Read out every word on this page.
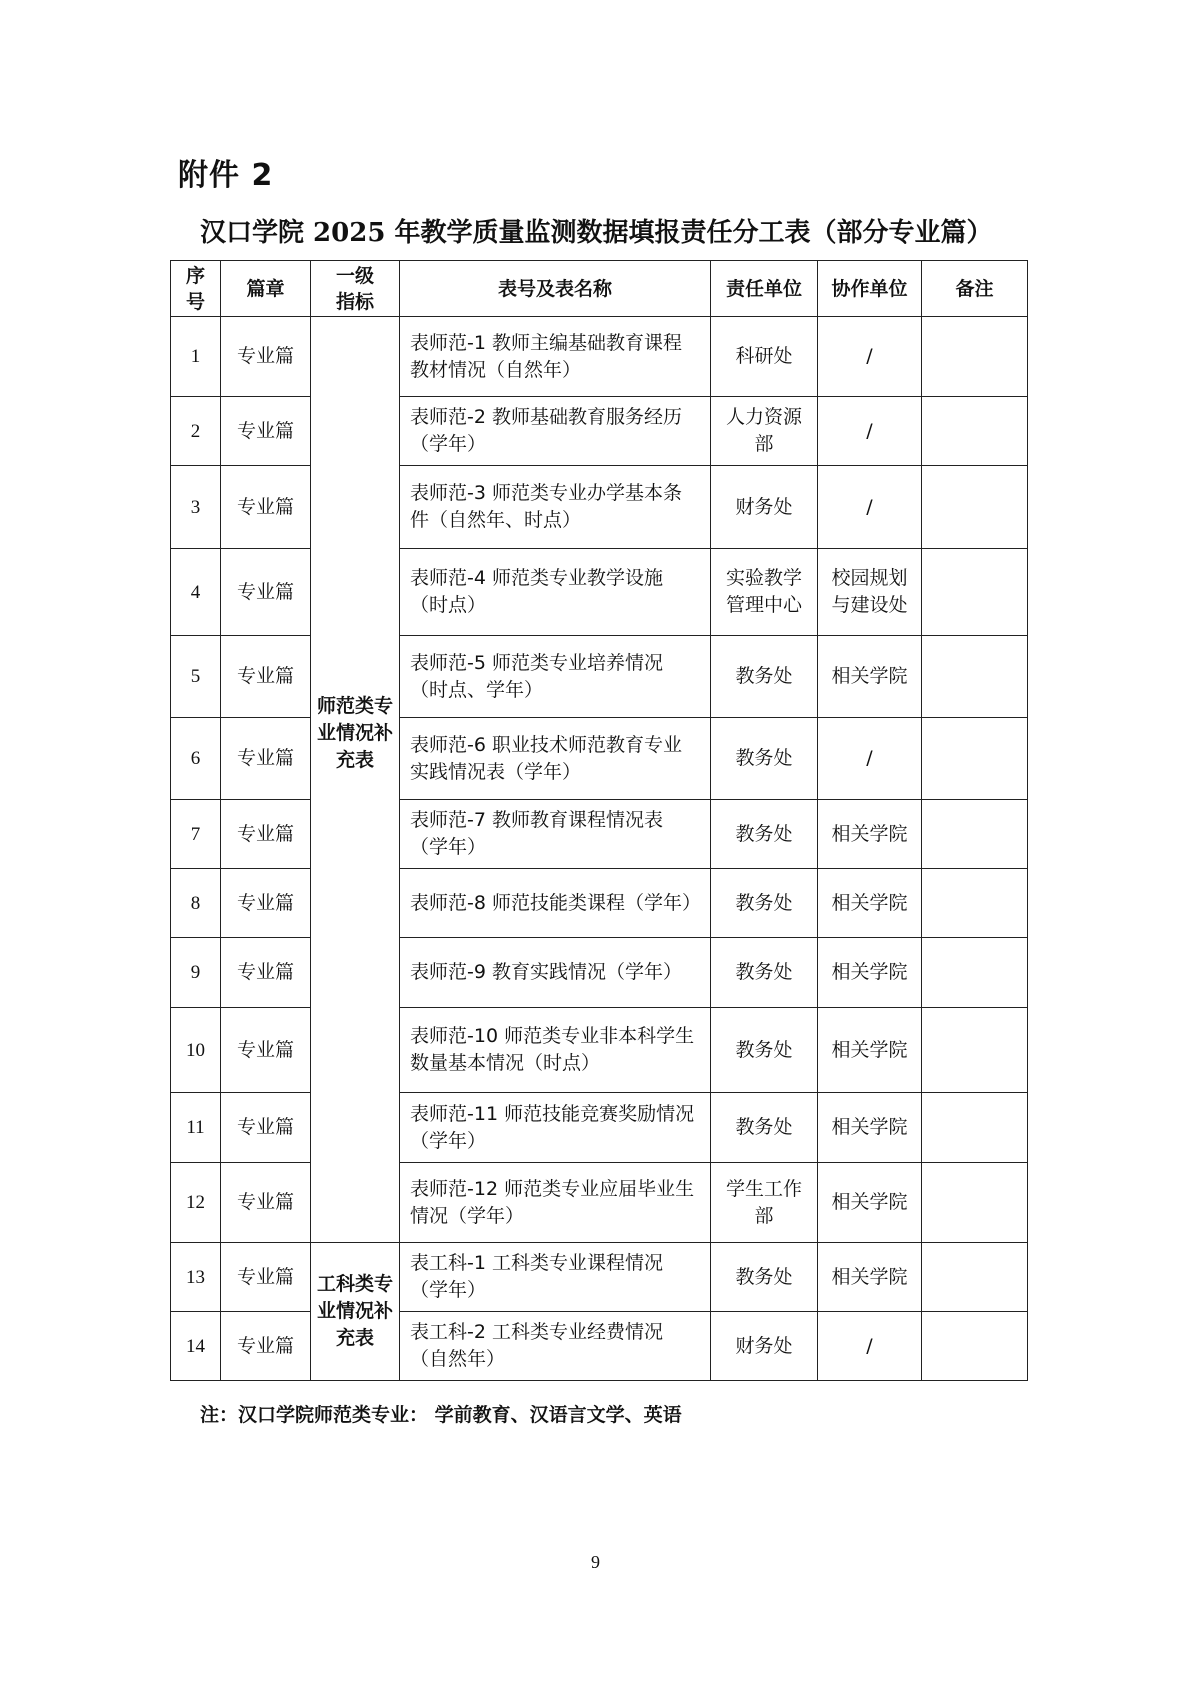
附件 2
汉口学院 2025 年教学质量监测数据填报责任分工表（部分专业篇）
序号	篇章	一级指标	表号及表名称	责任单位	协作单位	备注
1	专业篇	师范类专业情况补充表	表师范-1 教师主编基础教育课程教材情况（自然年）	科研处	/	
2	专业篇		表师范-2 教师基础教育服务经历（学年）	人力资源部	/	
3	专业篇		表师范-3 师范类专业办学基本条件（自然年、时点）	财务处	/	
4	专业篇		表师范-4 师范类专业教学设施（时点）	实验教学管理中心	校园规划与建设处	
5	专业篇		表师范-5 师范类专业培养情况（时点、学年）	教务处	相关学院	
6	专业篇		表师范-6 职业技术师范教育专业实践情况表（学年）	教务处	/	
7	专业篇		表师范-7 教师教育课程情况表（学年）	教务处	相关学院	
8	专业篇		表师范-8 师范技能类课程（学年）	教务处	相关学院	
9	专业篇		表师范-9 教育实践情况（学年）	教务处	相关学院	
10	专业篇		表师范-10 师范类专业非本科学生数量基本情况（时点）	教务处	相关学院	
11	专业篇		表师范-11 师范技能竞赛奖励情况（学年）	教务处	相关学院	
12	专业篇		表师范-12 师范类专业应届毕业生情况（学年）	学生工作部	相关学院	
13	专业篇	工科类专业情况补充表	表工科-1 工科类专业课程情况（学年）	教务处	相关学院	
14	专业篇		表工科-2 工科类专业经费情况（自然年）	财务处	/	
注：汉口学院师范类专业： 学前教育、汉语言文学、英语
9
